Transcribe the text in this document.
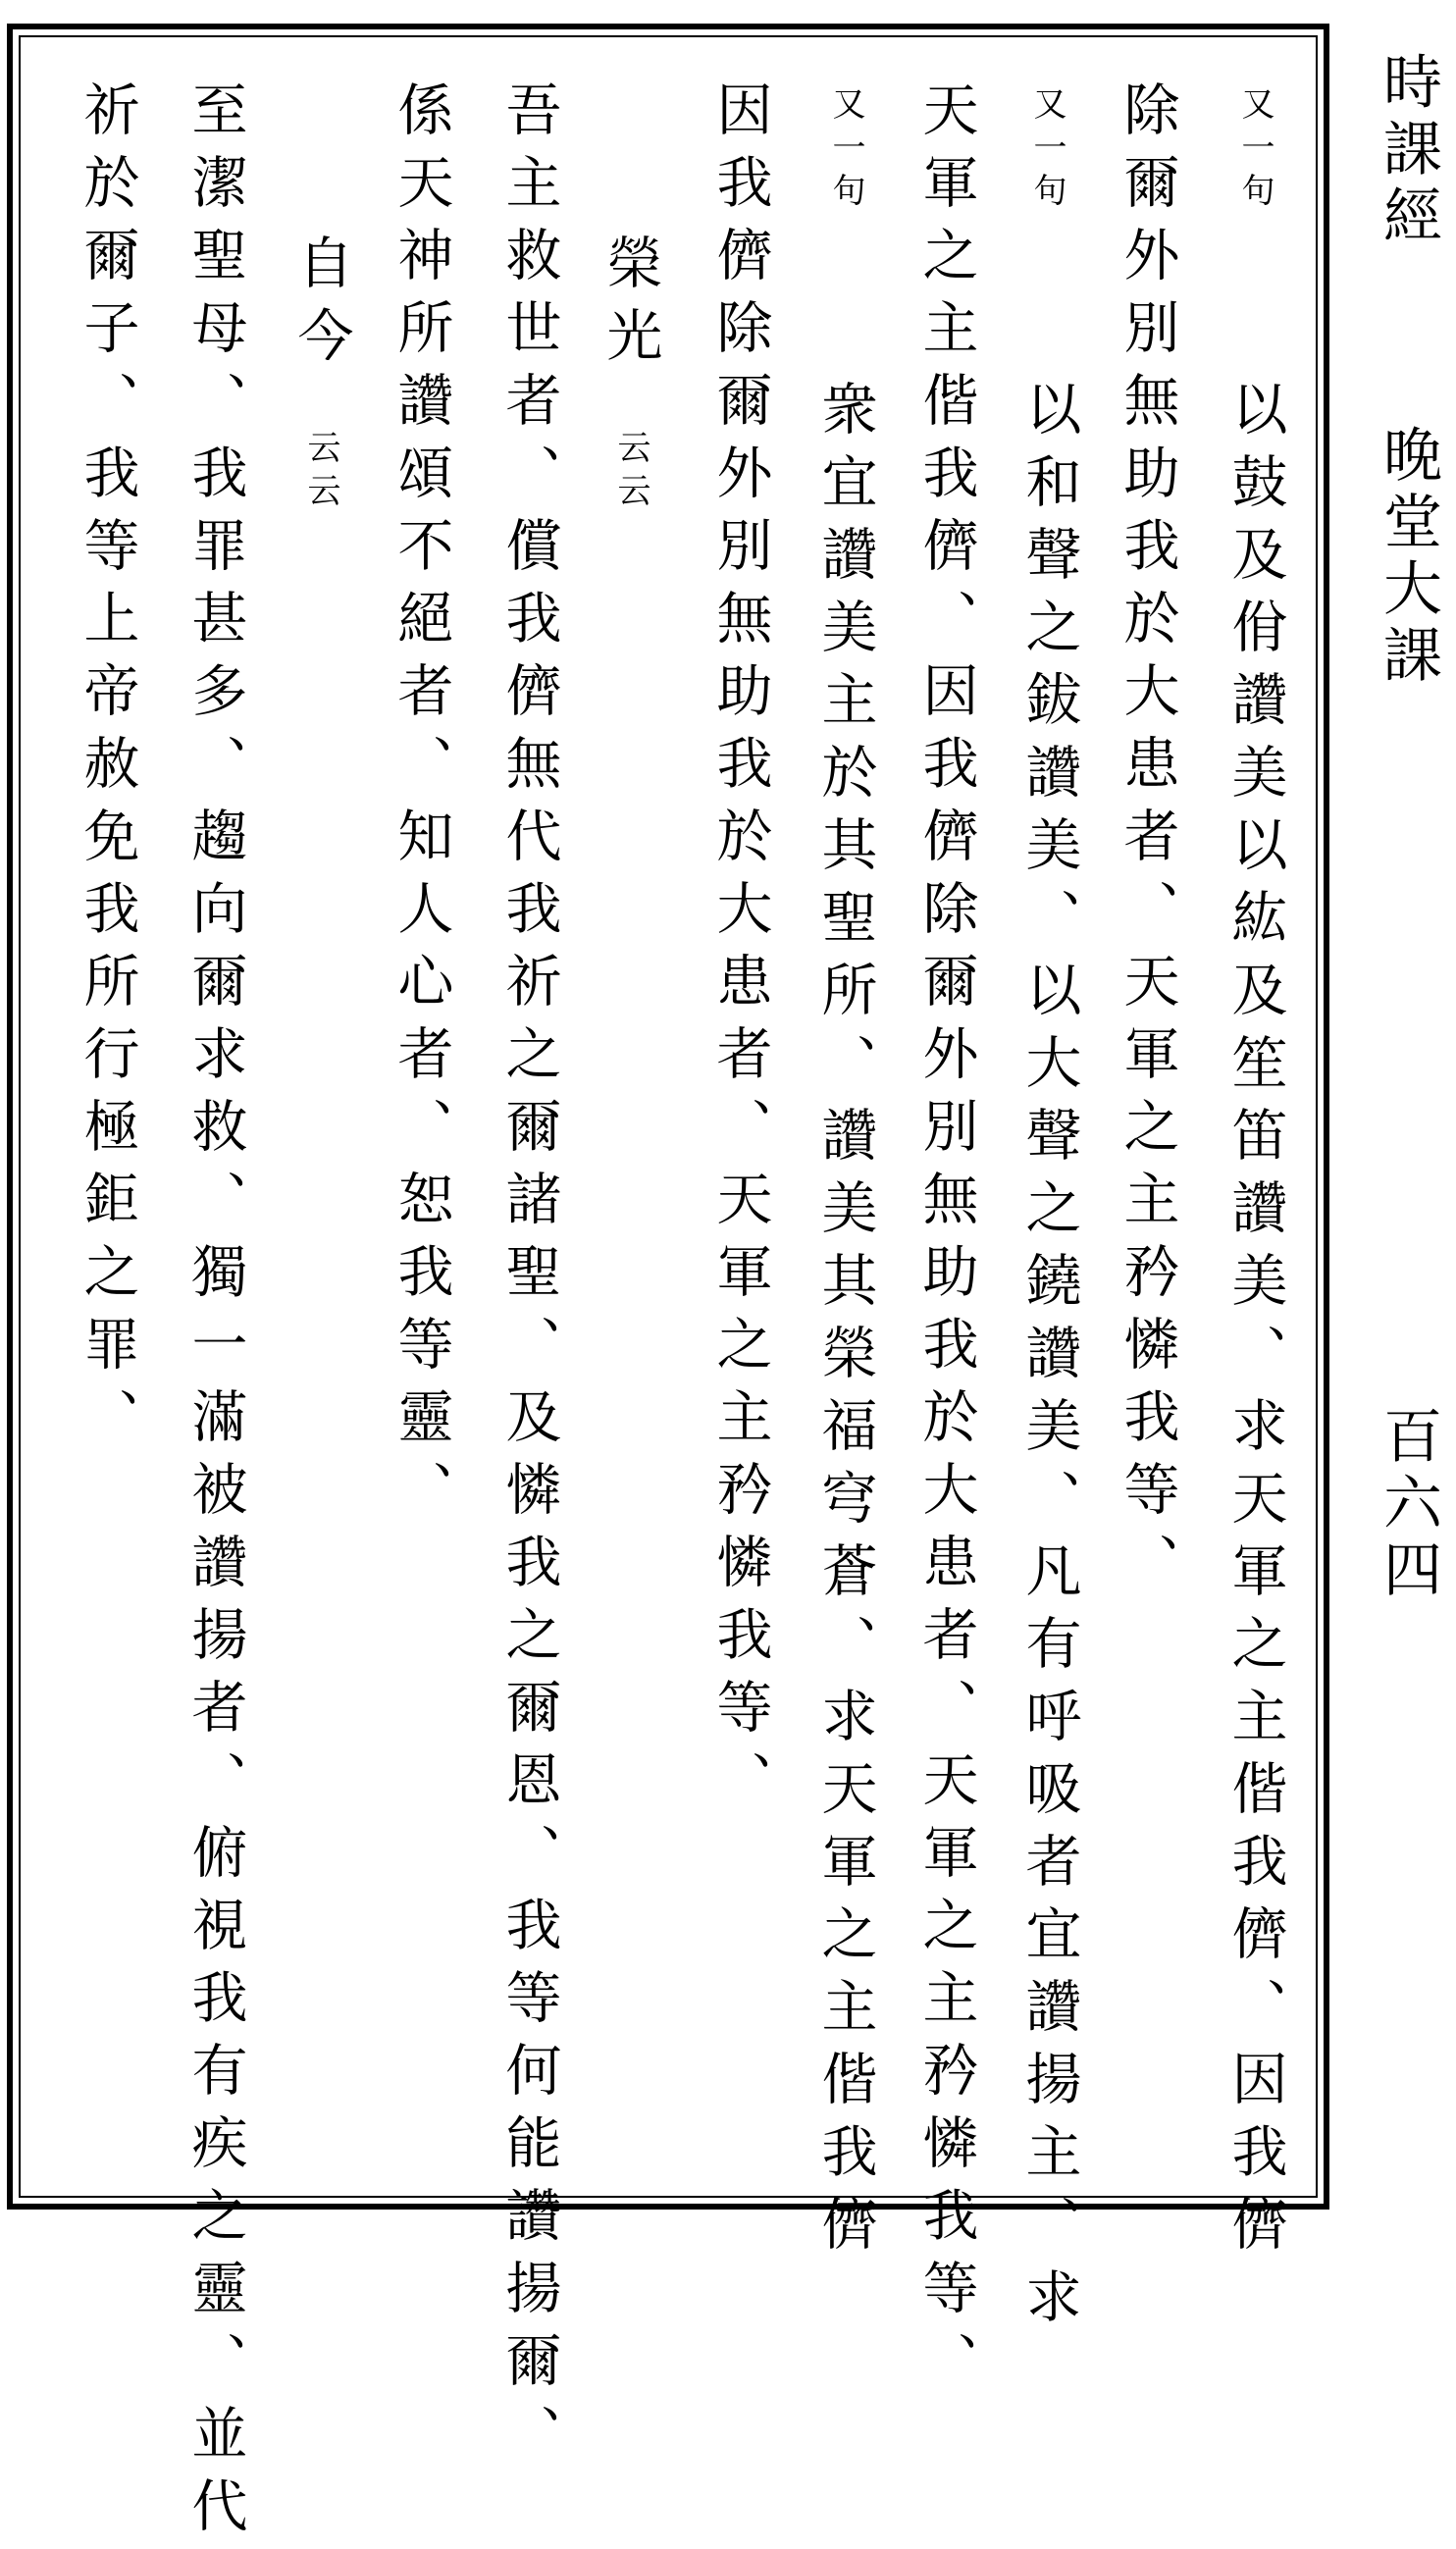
時課經
晚堂大課
百六四
又一句
以鼓及佾讚美以紘及笙笛讚美、求天軍之主偕我儕、因我儕
除爾外別無助我於大患者、天軍之主矜憐我等、
又一句
以和聲之鈸讚美、以大聲之鐃讚美、凡有呼吸者宜讚揚主、求
天軍之主偕我儕、因我儕除爾外別無助我於大患者、天軍之主矜憐我等、
又一句
衆宜讚美主於其聖所、讚美其榮福穹蒼、求天軍之主偕我儕
因我儕除爾外別無助我於大患者、天軍之主矜憐我等、
榮光
云云
吾主救世者、償我儕無代我祈之爾諸聖、及憐我之爾恩、我等何能讚揚爾、
係天神所讚頌不絕者、知人心者、恕我等靈、
自今
云云
至潔聖母、我罪甚多、趨向爾求救、獨一滿被讚揚者、俯視我有疾之靈、並代
祈於爾子、我等上帝赦免我所行極鉅之罪、
